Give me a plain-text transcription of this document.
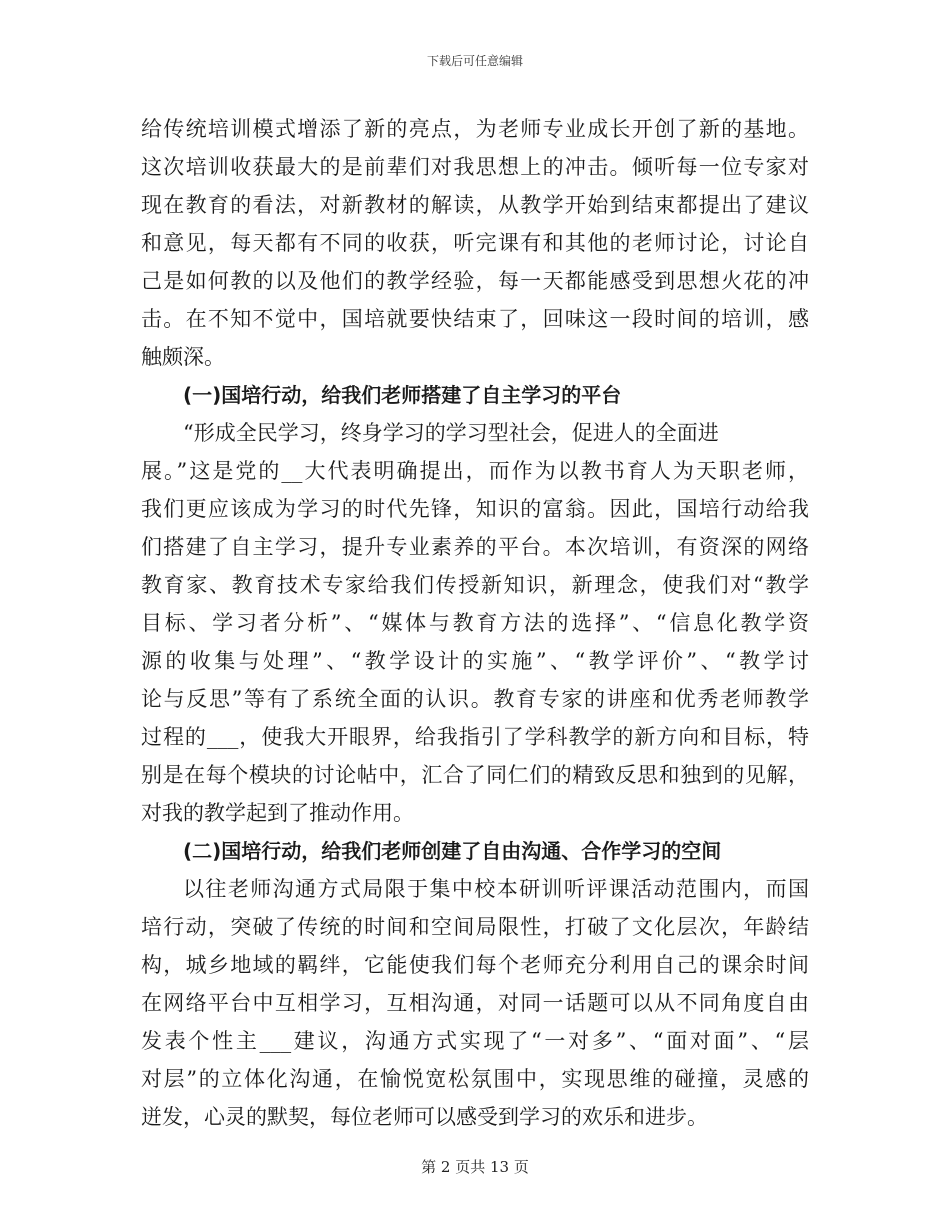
下载后可任意编辑
给传统培训模式增添了新的亮点，为老师专业成长开创了新的基地。
这次培训收获最大的是前辈们对我思想上的冲击。倾听每一位专家对
现在教育的看法，对新教材的解读，从教学开始到结束都提出了建议
和意见，每天都有不同的收获，听完课有和其他的老师讨论，讨论自
己是如何教的以及他们的教学经验，每一天都能感受到思想火花的冲
击。在不知不觉中，国培就要快结束了，回味这一段时间的培训，感
触颇深。
(一)国培行动，给我们老师搭建了自主学习的平台
“形成全民学习，终身学习的学习型社会，促进人的全面进
展。”这是党的__大代表明确提出，而作为以教书育人为天职老师，
我们更应该成为学习的时代先锋，知识的富翁。因此，国培行动给我
们搭建了自主学习，提升专业素养的平台。本次培训，有资深的网络
教育家、教育技术专家给我们传授新知识，新理念，使我们对“教学
目标、学习者分析”、“媒体与教育方法的选择”、“信息化教学资
源的收集与处理”、“教学设计的实施”、“教学评价”、“教学讨
论与反思”等有了系统全面的认识。教育专家的讲座和优秀老师教学
过程的___，使我大开眼界，给我指引了学科教学的新方向和目标，特
别是在每个模块的讨论帖中，汇合了同仁们的精致反思和独到的见解，
对我的教学起到了推动作用。
(二)国培行动，给我们老师创建了自由沟通、合作学习的空间
以往老师沟通方式局限于集中校本研训听评课活动范围内，而国
培行动，突破了传统的时间和空间局限性，打破了文化层次，年龄结
构，城乡地域的羁绊，它能使我们每个老师充分利用自己的课余时间
在网络平台中互相学习，互相沟通，对同一话题可以从不同角度自由
发表个性主___建议，沟通方式实现了“一对多”、“面对面”、“层
对层”的立体化沟通，在愉悦宽松氛围中，实现思维的碰撞，灵感的
迸发，心灵的默契，每位老师可以感受到学习的欢乐和进步。
第 2 页共 13 页
